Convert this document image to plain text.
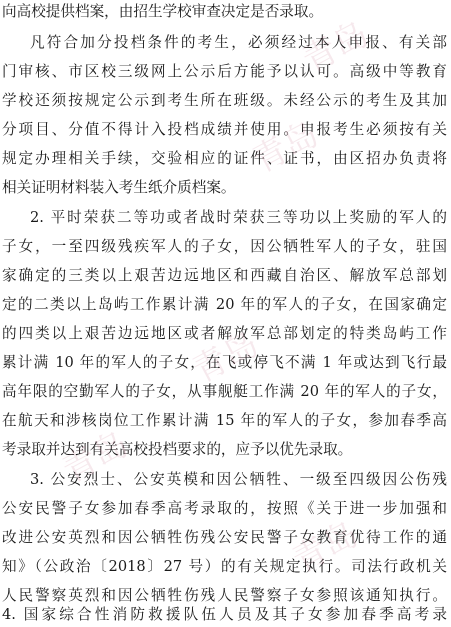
向高校提供档案，由招生学校审查决定是否录取。
凡符合加分投档条件的考生，必须经过本人申报、有关部
门审核、市区校三级网上公示后方能予以认可。高级中等教育
学校还须按规定公示到考生所在班级。未经公示的考生及其加
分项目、分值不得计入投档成绩并使用。申报考生必须按有关
规定办理相关手续，交验相应的证件、证书，由区招办负责将
相关证明材料装入考生纸介质档案。
2. 平时荣获二等功或者战时荣获三等功以上奖励的军人的
子女，一至四级残疾军人的子女，因公牺牲军人的子女，驻国
家确定的三类以上艰苦边远地区和西藏自治区、解放军总部划
定的二类以上岛屿工作累计满 20 年的军人的子女，在国家确定
的四类以上艰苦边远地区或者解放军总部划定的特类岛屿工作
累计满 10 年的军人的子女，在飞或停飞不满 1 年或达到飞行最
高年限的空勤军人的子女，从事舰艇工作满 20 年的军人的子女，
在航天和涉核岗位工作累计满 15 年的军人的子女，参加春季高
考录取并达到有关高校投档要求的，应予以优先录取。
3. 公安烈士、公安英模和因公牺牲、一级至四级因公伤残
公安民警子女参加春季高考录取的，按照《关于进一步加强和
改进公安英烈和因公牺牲伤残公安民警子女教育优待工作的通
知》（公政治〔2018〕27 号）的有关规定执行。司法行政机关
人民警察英烈和因公牺牲伤残人民警察子女参照该通知执行。
4. 国家综合性消防救援队伍人员及其子女参加春季高考录
青岛
青岛
青岛
青岛
青岛
